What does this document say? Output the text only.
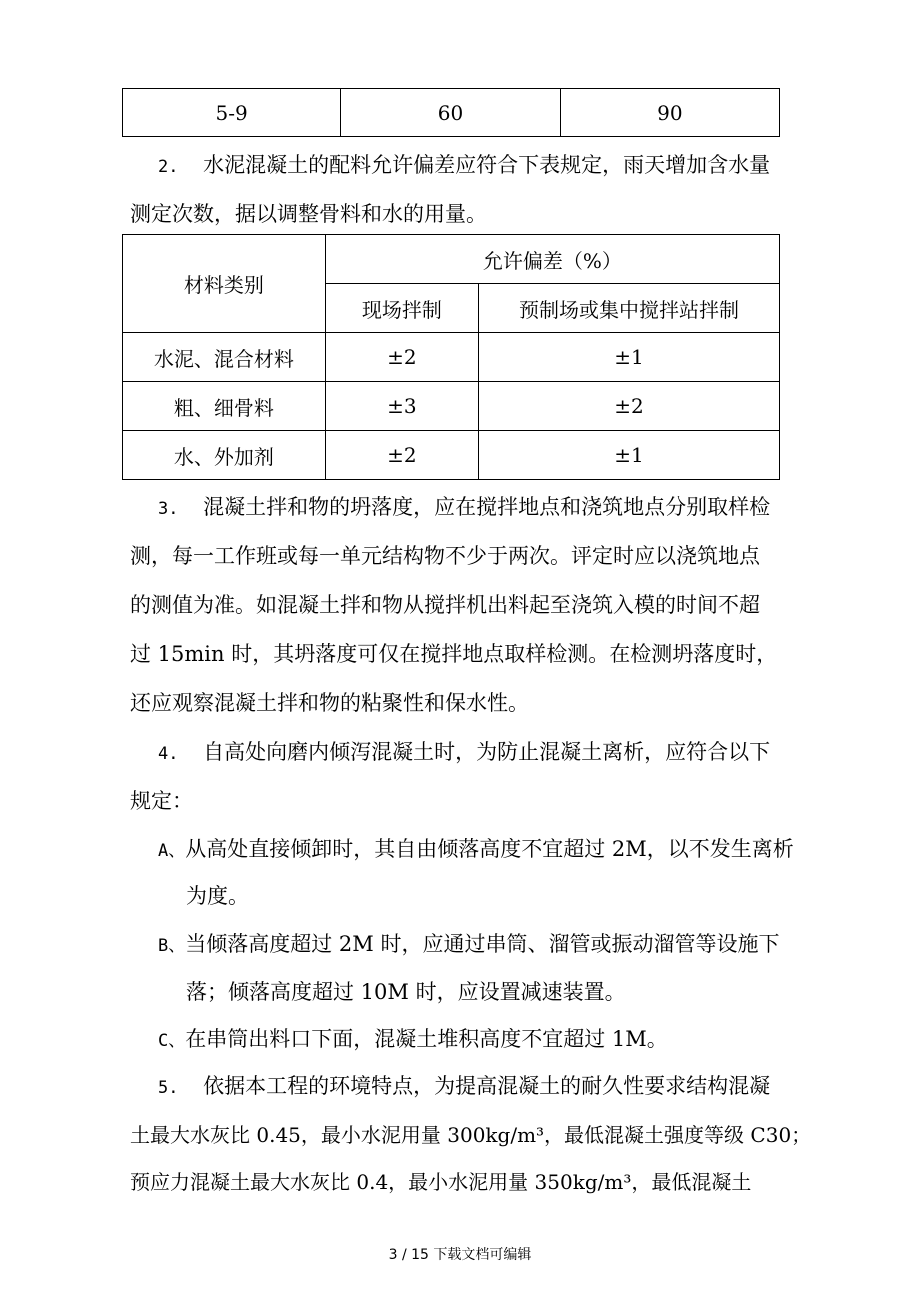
5-9	60	90
2. 水泥混凝土的配料允许偏差应符合下表规定，雨天增加含水量
测定次数，据以调整骨料和水的用量。
材料类别	允许偏差（%）	
	现场拌制	预制场或集中搅拌站拌制
水泥、混合材料	±2	±1
粗、细骨料	±3	±2
水、外加剂	±2	±1
3. 混凝土拌和物的坍落度，应在搅拌地点和浇筑地点分别取样检
测，每一工作班或每一单元结构物不少于两次。评定时应以浇筑地点
的测值为准。如混凝土拌和物从搅拌机出料起至浇筑入模的时间不超
过 15min 时，其坍落度可仅在搅拌地点取样检测。在检测坍落度时，
还应观察混凝土拌和物的粘聚性和保水性。
4. 自高处向磨内倾泻混凝土时，为防止混凝土离析，应符合以下
规定：
A、从高处直接倾卸时，其自由倾落高度不宜超过 2M，以不发生离析
为度。
B、当倾落高度超过 2M 时，应通过串筒、溜管或振动溜管等设施下
落；倾落高度超过 10M 时，应设置减速装置。
C、在串筒出料口下面，混凝土堆积高度不宜超过 1M。
5. 依据本工程的环境特点，为提高混凝土的耐久性要求结构混凝
土最大水灰比 0.45，最小水泥用量 300kg/m³，最低混凝土强度等级 C30；
预应力混凝土最大水灰比 0.4，最小水泥用量 350kg/m³，最低混凝土
3 / 15 下载文档可编辑
